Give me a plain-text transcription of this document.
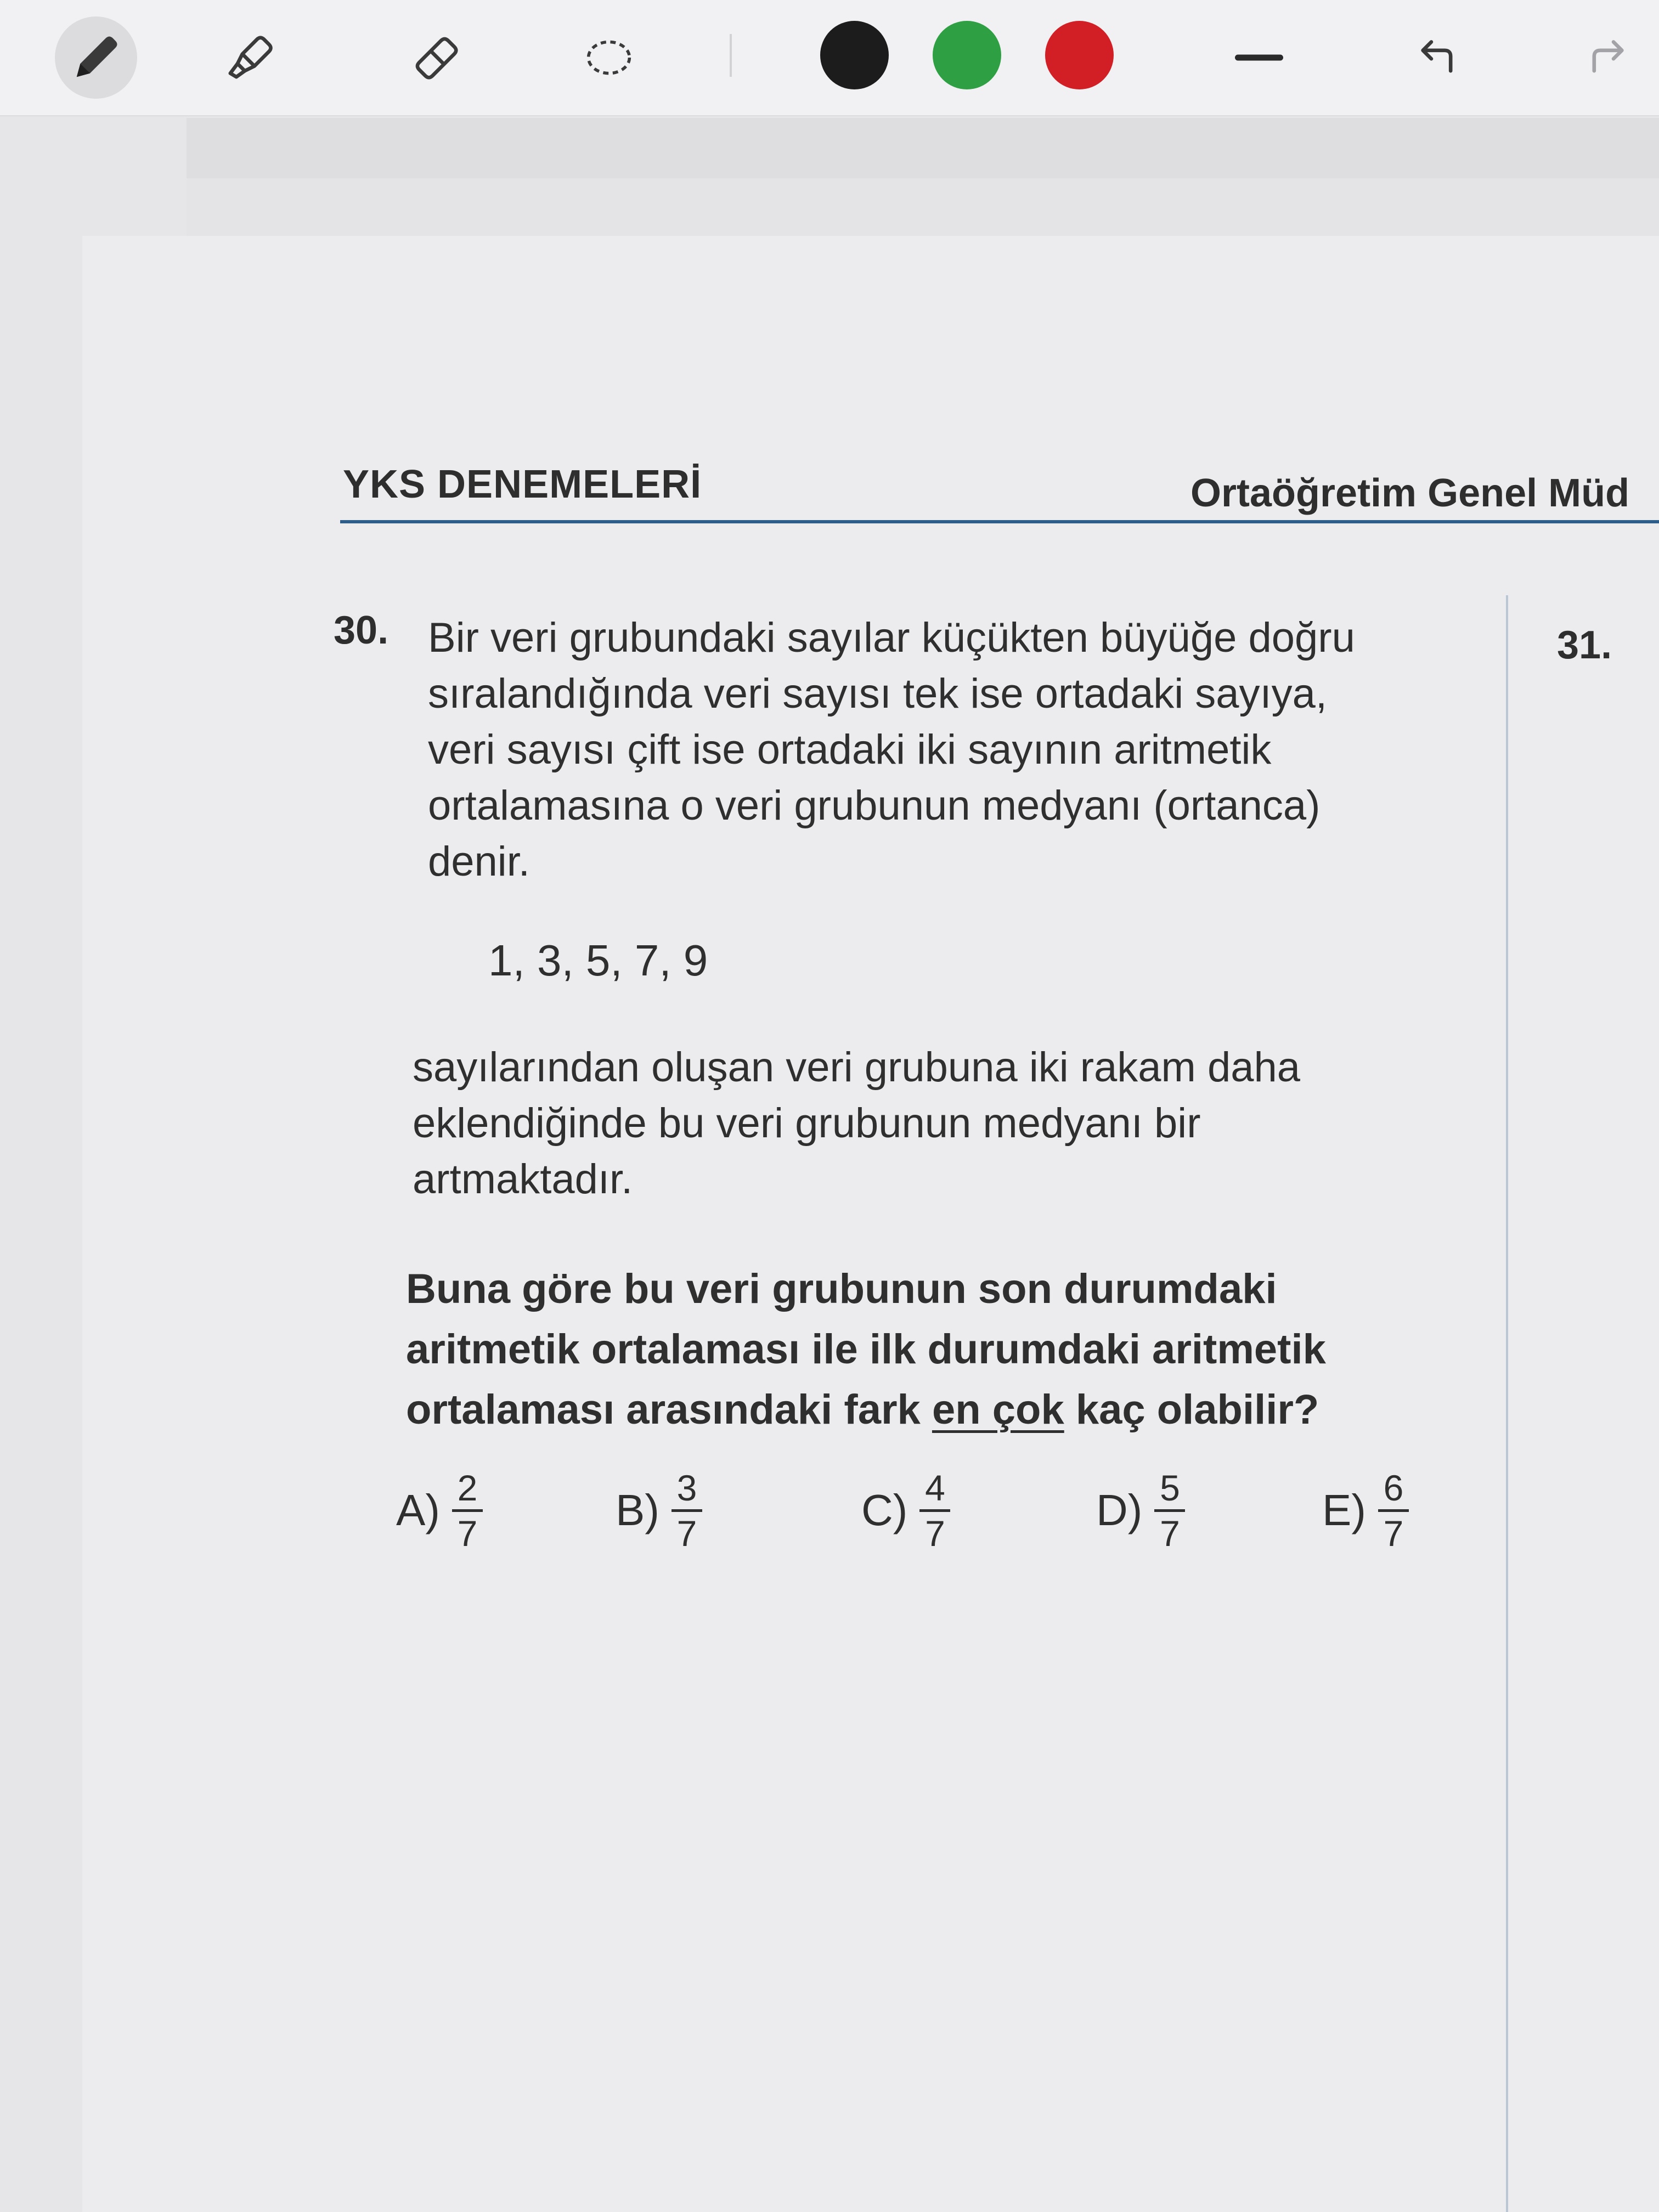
YKS DENEMELERİ	Ortaöğretim Genel Müd
30.	31.
Bir veri grubundaki sayılar küçükten büyüğe doğru
sıralandığında veri sayısı tek ise ortadaki sayıya,
veri sayısı çift ise ortadaki iki sayının aritmetik
ortalamasına o veri grubunun medyanı (ortanca)
denir.
1, 3, 5, 7, 9
sayılarından oluşan veri grubuna iki rakam daha
eklendiğinde bu veri grubunun medyanı bir
artmaktadır.
Buna göre bu veri grubunun son durumdaki
aritmetik ortalaması ile ilk durumdaki aritmetik
ortalaması arasındaki fark en çok kaç olabilir?
A) 2
7	B) 3
7	C) 4
7	D) 5
7	E) 6
7
